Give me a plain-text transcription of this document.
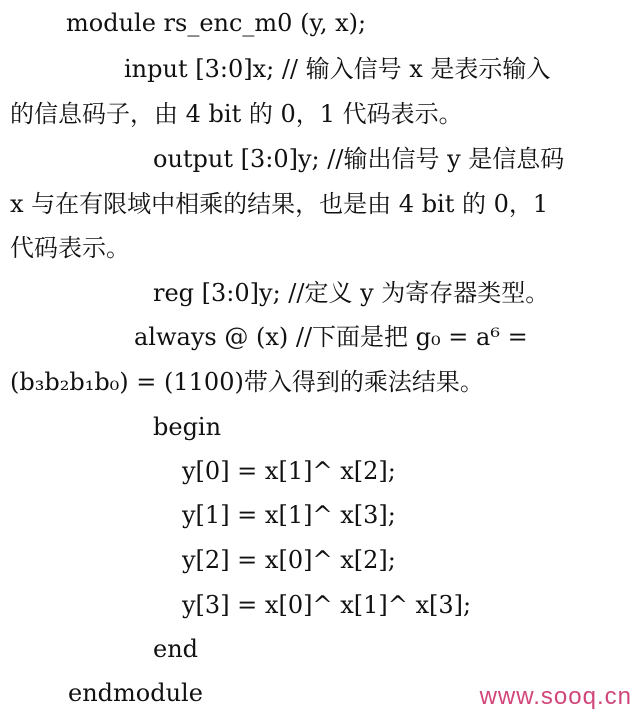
module rs_enc_m0 (y, x);
input [3:0]x; // 输入信号 x 是表示输入
的信息码子，由 4 bit 的 0，1 代码表示。
output [3:0]y; //输出信号 y 是信息码
x 与在有限域中相乘的结果，也是由 4 bit 的 0，1
代码表示。
reg [3:0]y; //定义 y 为寄存器类型。
always @ (x) //下面是把 g₀ = a⁶ =
(b₃b₂b₁b₀) = (1100)带入得到的乘法结果。
begin
y[0] = x[1]^ x[2];
y[1] = x[1]^ x[3];
y[2] = x[0]^ x[2];
y[3] = x[0]^ x[1]^ x[3];
end
endmodule	www.sooq.cn
